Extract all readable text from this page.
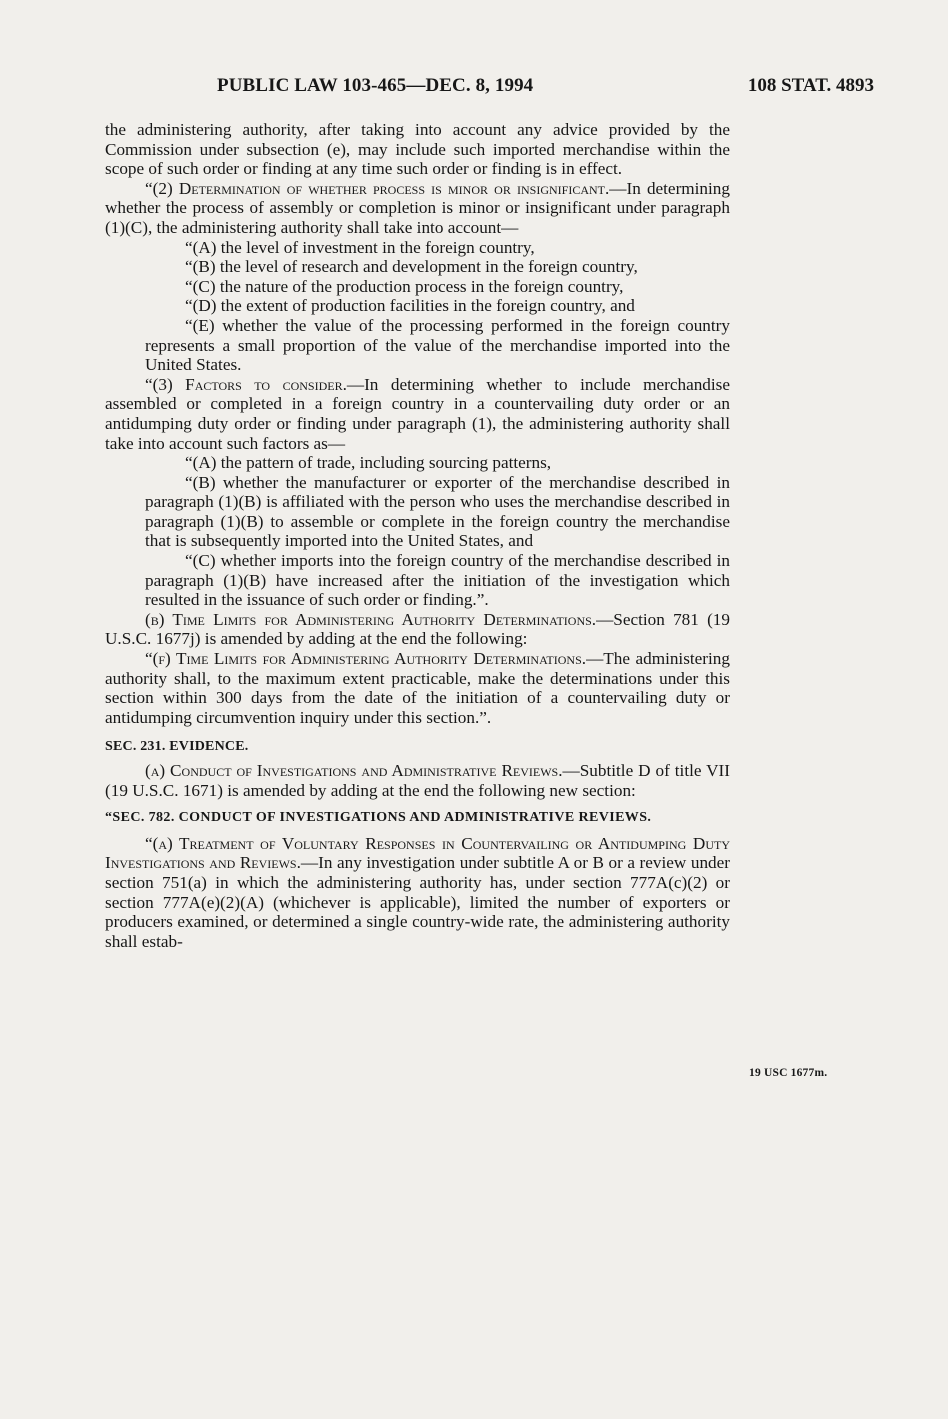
PUBLIC LAW 103-465—DEC. 8, 1994	108 STAT. 4893

the administering authority, after taking into account any advice provided by the Commission under subsection (e), may include such imported merchandise within the scope of such order or finding at any time such order or finding is in effect.

“(2) Determination of whether process is minor or insignificant.—In determining whether the process of assembly or completion is minor or insignificant under paragraph (1)(C), the administering authority shall take into account—

“(A) the level of investment in the foreign country,

“(B) the level of research and development in the foreign country,

“(C) the nature of the production process in the foreign country,

“(D) the extent of production facilities in the foreign country, and

“(E) whether the value of the processing performed in the foreign country represents a small proportion of the value of the merchandise imported into the United States.

“(3) Factors to consider.—In determining whether to include merchandise assembled or completed in a foreign country in a countervailing duty order or an antidumping duty order or finding under paragraph (1), the administering authority shall take into account such factors as—

“(A) the pattern of trade, including sourcing patterns,

“(B) whether the manufacturer or exporter of the merchandise described in paragraph (1)(B) is affiliated with the person who uses the merchandise described in paragraph (1)(B) to assemble or complete in the foreign country the merchandise that is subsequently imported into the United States, and

“(C) whether imports into the foreign country of the merchandise described in paragraph (1)(B) have increased after the initiation of the investigation which resulted in the issuance of such order or finding.”.

(b) Time Limits for Administering Authority Determinations.—Section 781 (19 U.S.C. 1677j) is amended by adding at the end the following:

“(f) Time Limits for Administering Authority Determinations.—The administering authority shall, to the maximum extent practicable, make the determinations under this section within 300 days from the date of the initiation of a countervailing duty or antidumping circumvention inquiry under this section.”.

SEC. 231. EVIDENCE.

(a) Conduct of Investigations and Administrative Reviews.—Subtitle D of title VII (19 U.S.C. 1671) is amended by adding at the end the following new section:

“SEC. 782. CONDUCT OF INVESTIGATIONS AND ADMINISTRATIVE REVIEWS.

“(a) Treatment of Voluntary Responses in Countervailing or Antidumping Duty Investigations and Reviews.—In any investigation under subtitle A or B or a review under section 751(a) in which the administering authority has, under section 777A(c)(2) or section 777A(e)(2)(A) (whichever is applicable), limited the number of exporters or producers examined, or determined a single country-wide rate, the administering authority shall estab-

19 USC 1677m.
